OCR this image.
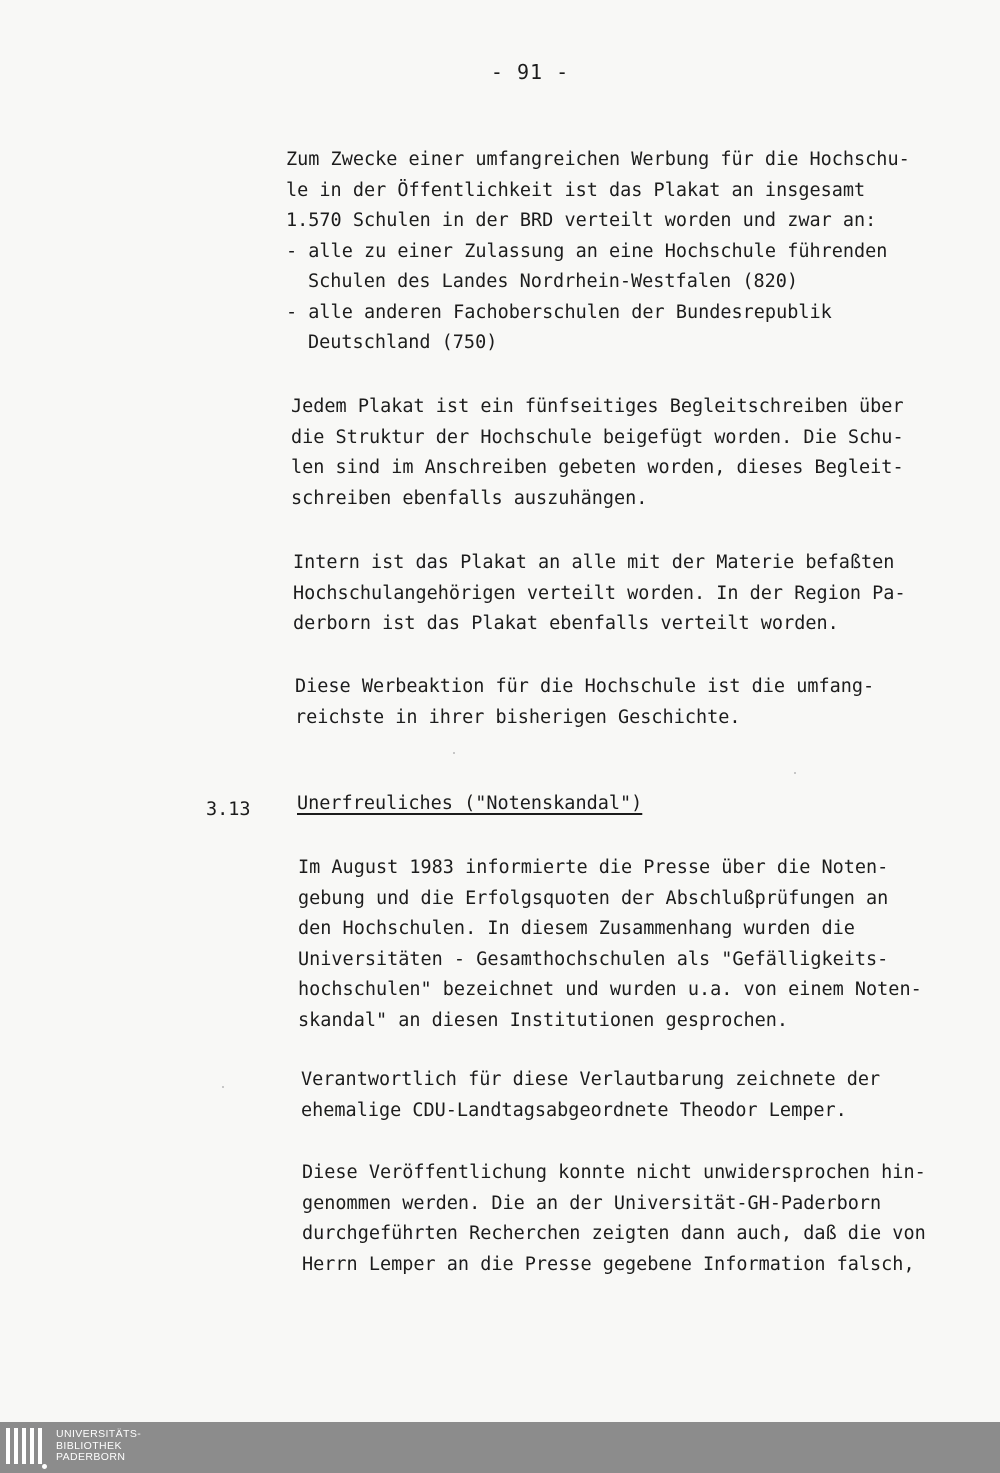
- 91 -
Zum Zwecke einer umfangreichen Werbung für die Hochschu-
le in der Öffentlichkeit ist das Plakat an insgesamt
1.570 Schulen in der BRD verteilt worden und zwar an:
- alle zu einer Zulassung an eine Hochschule führenden
Schulen des Landes Nordrhein-Westfalen (820)
- alle anderen Fachoberschulen der Bundesrepublik
Deutschland (750)
Jedem Plakat ist ein fünfseitiges Begleitschreiben über
die Struktur der Hochschule beigefügt worden. Die Schu-
len sind im Anschreiben gebeten worden, dieses Begleit-
schreiben ebenfalls auszuhängen.
Intern ist das Plakat an alle mit der Materie befaßten
Hochschulangehörigen verteilt worden. In der Region Pa-
derborn ist das Plakat ebenfalls verteilt worden.
Diese Werbeaktion für die Hochschule ist die umfang-
reichste in ihrer bisherigen Geschichte.
3.13	Unerfreuliches ("Notenskandal")
Im August 1983 informierte die Presse über die Noten-
gebung und die Erfolgsquoten der Abschlußprüfungen an
den Hochschulen. In diesem Zusammenhang wurden die
Universitäten - Gesamthochschulen als "Gefälligkeits-
hochschulen" bezeichnet und wurden u.a. von einem Noten-
skandal" an diesen Institutionen gesprochen.
Verantwortlich für diese Verlautbarung zeichnete der
ehemalige CDU-Landtagsabgeordnete Theodor Lemper.
Diese Veröffentlichung konnte nicht unwidersprochen hin-
genommen werden. Die an der Universität-GH-Paderborn
durchgeführten Recherchen zeigten dann auch, daß die von
Herrn Lemper an die Presse gegebene Information falsch,
UNIVERSITÄTS-
BIBLIOTHEK
PADERBORN
